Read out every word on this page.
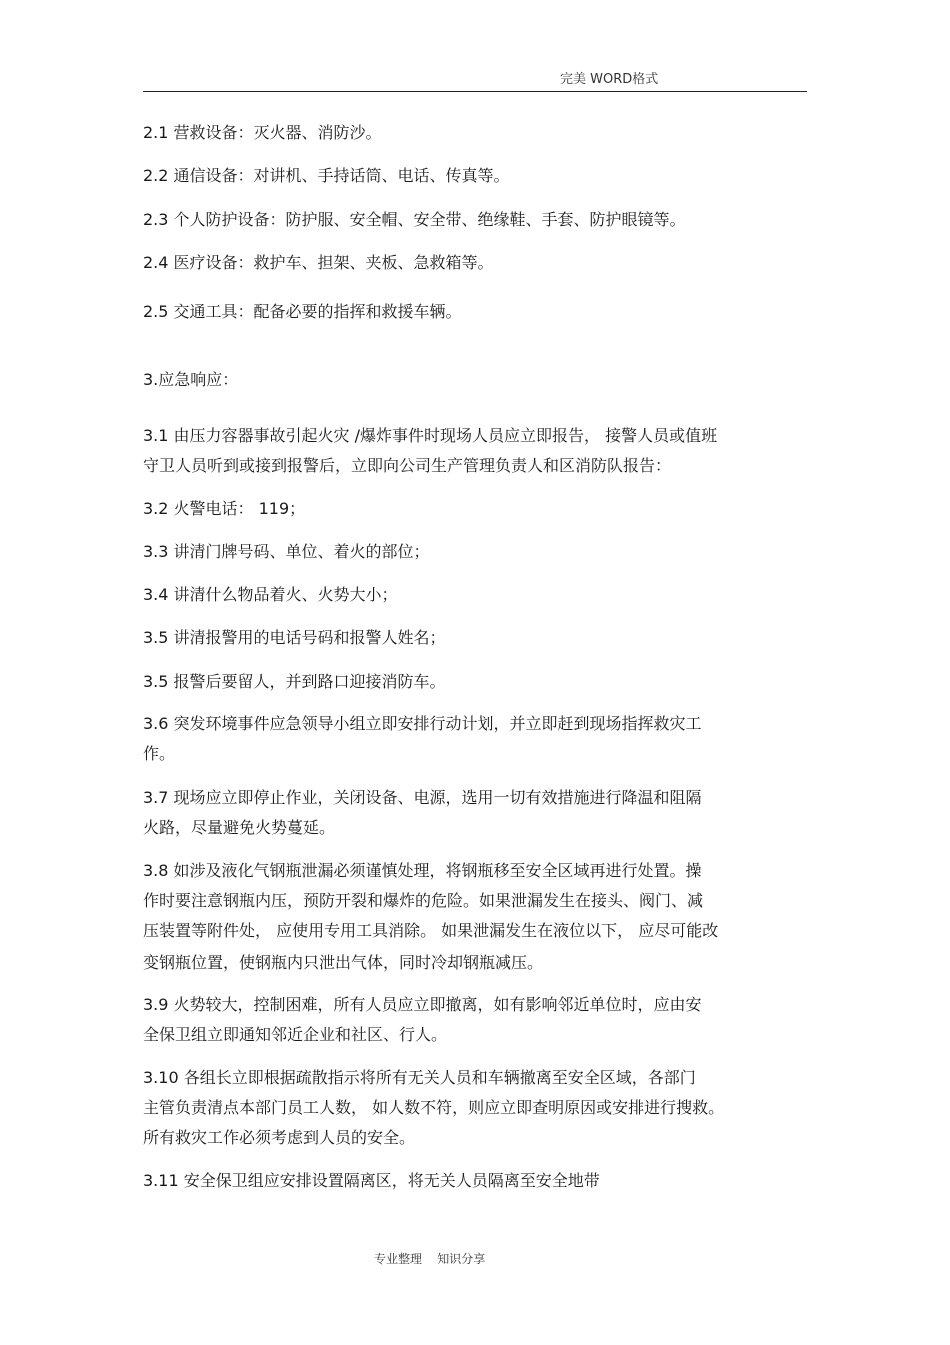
完美 WORD格式
2.1 营救设备：灭火器、消防沙。
2.2 通信设备：对讲机、手持话筒、电话、传真等。
2.3 个人防护设备：防护服、安全帽、安全带、绝缘鞋、手套、防护眼镜等。
2.4 医疗设备：救护车、担架、夹板、急救箱等。
2.5 交通工具：配备必要的指挥和救援车辆。
3.应急响应：
3.1 由压力容器事故引起火灾 /爆炸事件时现场人员应立即报告， 接警人员或值班
守卫人员听到或接到报警后，立即向公司生产管理负责人和区消防队报告：
3.2 火警电话： 119；
3.3 讲清门牌号码、单位、着火的部位；
3.4 讲清什么物品着火、火势大小；
3.5 讲清报警用的电话号码和报警人姓名；
3.5 报警后要留人，并到路口迎接消防车。
3.6 突发环境事件应急领导小组立即安排行动计划，并立即赶到现场指挥救灾工
作。
3.7 现场应立即停止作业，关闭设备、电源，选用一切有效措施进行降温和阻隔
火路，尽量避免火势蔓延。
3.8 如涉及液化气钢瓶泄漏必须谨慎处理，将钢瓶移至安全区域再进行处置。操
作时要注意钢瓶内压，预防开裂和爆炸的危险。如果泄漏发生在接头、阀门、减
压装置等附件处， 应使用专用工具消除。 如果泄漏发生在液位以下， 应尽可能改
变钢瓶位置，使钢瓶内只泄出气体，同时冷却钢瓶减压。
3.9 火势较大，控制困难，所有人员应立即撤离，如有影响邻近单位时，应由安
全保卫组立即通知邻近企业和社区、行人。
3.10 各组长立即根据疏散指示将所有无关人员和车辆撤离至安全区域，各部门
主管负责清点本部门员工人数， 如人数不符，则应立即查明原因或安排进行搜救。
所有救灾工作必须考虑到人员的安全。
3.11 安全保卫组应安排设置隔离区，将无关人员隔离至安全地带
专业整理    知识分享
